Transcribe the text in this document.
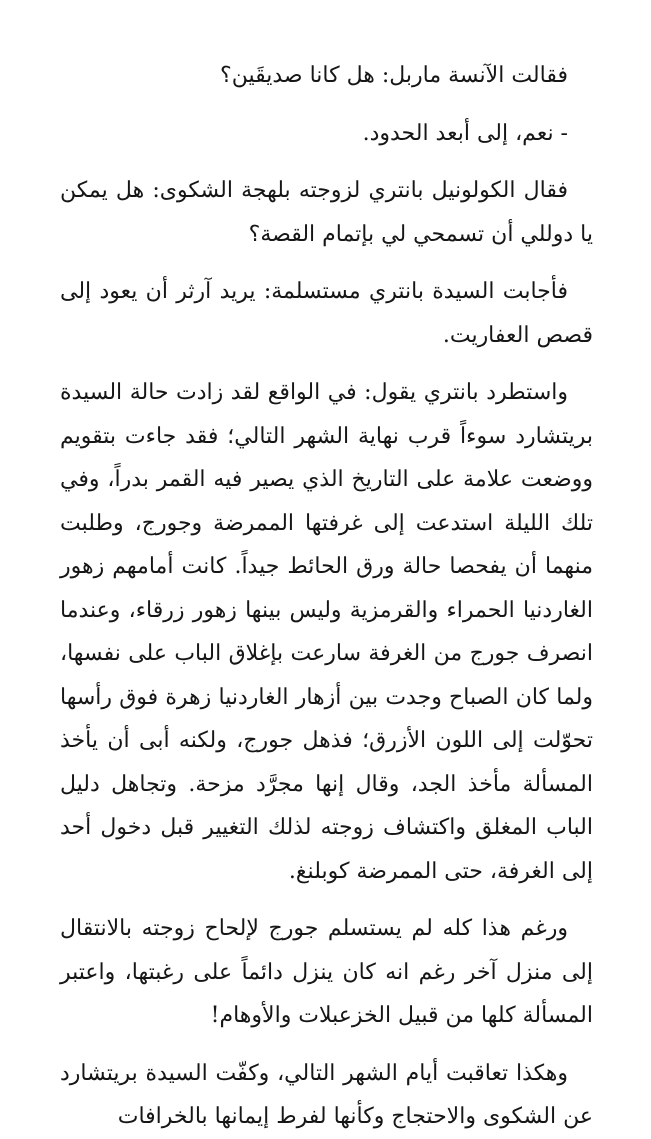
فقالت الآنسة ماربل: هل كانا صديقَين؟

- نعم، إلى أبعد الحدود.

فقال الكولونيل بانتري لزوجته بلهجة الشكوى: هل يمكن يا دوللي أن تسمحي لي بإتمام القصة؟

فأجابت السيدة بانتري مستسلمة: يريد آرثر أن يعود إلى قصص العفاريت.

واستطرد بانتري يقول: في الواقع لقد زادت حالة السيدة بريتشارد سوءاً قرب نهاية الشهر التالي؛ فقد جاءت بتقويم ووضعت علامة على التاريخ الذي يصير فيه القمر بدراً، وفي تلك الليلة استدعت إلى غرفتها الممرضة وجورج، وطلبت منهما أن يفحصا حالة ورق الحائط جيداً. كانت أمامهم زهور الغاردنيا الحمراء والقرمزية وليس بينها زهور زرقاء، وعندما انصرف جورج من الغرفة سارعت بإغلاق الباب على نفسها، ولما كان الصباح وجدت بين أزهار الغاردنيا زهرة فوق رأسها تحوّلت إلى اللون الأزرق؛ فذهل جورج، ولكنه أبى أن يأخذ المسألة مأخذ الجد، وقال إنها مجرَّد مزحة. وتجاهل دليل الباب المغلق واكتشاف زوجته لذلك التغيير قبل دخول أحد إلى الغرفة، حتى الممرضة كوبلنغ.

ورغم هذا كله لم يستسلم جورج لإلحاح زوجته بالانتقال إلى منزل آخر رغم انه كان ينزل دائماً على رغبتها، واعتبر المسألة كلها من قبيل الخزعبلات والأوهام!

وهكذا تعاقبت أيام الشهر التالي، وكفّت السيدة بريتشارد عن الشكوى والاحتجاج وكأنها لفرط إيمانها بالخرافات
